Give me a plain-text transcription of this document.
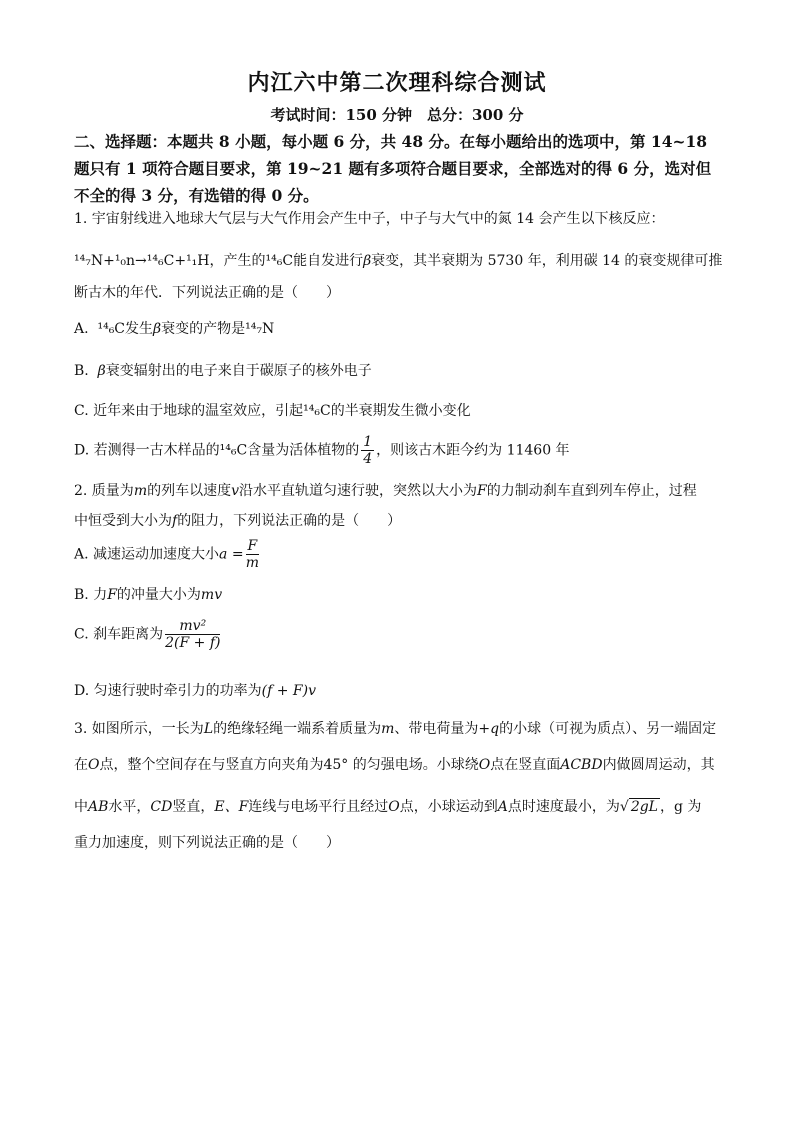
内江六中第二次理科综合测试
考试时间：150 分钟　总分：300 分
二、选择题：本题共 8 小题，每小题 6 分，共 48 分。在每小题给出的选项中，第 14~18 题只有 1 项符合题目要求，第 19~21 题有多项符合题目要求，全部选对的得 6 分，选对但不全的得 3 分，有选错的得 0 分。
1. 宇宙射线进入地球大气层与大气作用会产生中子，中子与大气中的氮 14 会产生以下核反应：
¹⁴₇N+¹₀n→¹⁴₆C+¹₁H，产生的¹⁴₆C能自发进行β衰变，其半衰期为 5730 年，利用碳 14 的衰变规律可推
断古木的年代．下列说法正确的是（　　）
A. ¹⁴₆C发生β衰变的产物是¹⁴₇N
B. β衰变辐射出的电子来自于碳原子的核外电子
C. 近年来由于地球的温室效应，引起¹⁴₆C的半衰期发生微小变化
D. 若测得一古木样品的¹⁴₆C含量为活体植物的 $\frac{1}{4}$ ，则该古木距今约为 11460 年
2. 质量为m的列车以速度v沿水平直轨道匀速行驶，突然以大小为F的力制动刹车直到列车停止，过程
中恒受到大小为f的阻力，下列说法正确的是（　　）
A. 减速运动加速度大小$a = \frac{F}{m}$
B. 力F的冲量大小为mv
C. 刹车距离为 $\frac{\text{mv²}}{2(F + f)}$
D. 匀速行驶时牵引力的功率为(f + F)v
3. 如图所示，一长为L的绝缘轻绳一端系着质量为m、带电荷量为+q的小球（可视为质点）、另一端固定
在O点，整个空间存在与竖直方向夹角为45° 的匀强电场。小球绕O点在竖直面ACBD内做圆周运动，其
中AB水平，CD竖直，E、F连线与电场平行且经过O点，小球运动到A点时速度最小，为√ 2gL ，g 为
重力加速度，则下列说法正确的是（　　）
